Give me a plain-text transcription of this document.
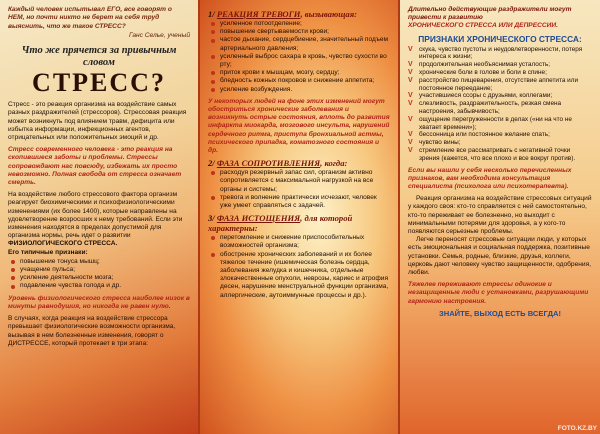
Каждый человек испытывал ЕГО, все говорят о НЕМ, но почти никто не берет на себя труд выяснить, что же такое СТРЕСС?
Ганс Селье, ученый
Что же прячется за привычным словом
СТРЕСС?
Стресс - это реакция организма на воздействие самых разных раздражителей (стрессоров). Стрессовая реакция может возникнуть под влиянием травм, дефицита или избытка информации, инфекционных агентов, отрицательных или положительных эмоций и др.
Стресс современного человека - это реакция на скопившиеся заботы и проблемы. Стрессы сопровождают нас повсюду, избежать их просто невозможно. Полная свобода от стресса означает смерть.
На воздействие любого стрессового фактора организм реагирует биохимическими и психофизиологическими изменениями (их более 1400), которые направлены на удовлетворение возросших к нему требований. Если эти изменения находятся в пределах допустимой для организма нормы, речь идет о развитии ФИЗИОЛОГИЧЕСКОГО СТРЕССА.
Его типичные признаки:
повышение тонуса мышц;
учащение пульса;
усиление деятельности мозга;
подавление чувства голода и др.
Уровень физиологического стресса наиболее низок в минуты равнодушия, но никогда не равен нулю.
В случаях, когда реакция на воздействие стрессора превышает физиологические возможности организма, вызывая в нем болезненные изменения, говорят о ДИСТРЕССЕ, который протекает в три этапа:
1/ РЕАКЦИЯ ТРЕВОГИ, вызывающая:
усиленное потоотделение;
повышение свертываемости крови;
частое дыхание, сердцебиение, значительный подъем артериального давления;
усиленный выброс сахара в кровь, чувство сухости во рту;
приток крови к мышцам, мозгу, сердцу;
бледность кожных покровов и снижение аппетита;
усиление возбуждения.
У некоторых людей на фоне этих изменений могут обостриться хронические заболевания и возникнуть острые состояния, вплоть до развития инфаркта миокарда, мозгового инсульта, нарушений сердечного ритма, приступа бронхиальной астмы, психического припадка, коматозного состояния и др.
2/ ФАЗА СОПРОТИВЛЕНИЯ, когда:
расходуя резервный запас сил, организм активно сопротивляется с максимальной нагрузкой на все органы и системы;
тревога и волнение практически исчезают, человек уже умеет справляться с задачей.
3/ ФАЗА ИСТОЩЕНИЯ, для которой характерны:
перетомление и снижение приспособительных возможностей организма;
обострение хронических заболеваний и их более тяжелое течение (ишемическая болезнь сердца, заболевания желудка и кишечника, отдельные злокачественные опухоли, неврозы, кариес и атрофия десен, нарушение менструальной функции организма, аллергические, аутоиммунные процессы и др.).
Длительно действующие раздражители могут привести к развитию
ХРОНИЧЕСКОГО СТРЕССА ИЛИ ДЕПРЕССИИ.
ПРИЗНАКИ ХРОНИЧЕСКОГО СТРЕССА:
V скука, чувство пустоты и неудовлетворенности, потеря интереса к жизни;
V продолжительная необъяснимая усталость;
V хронические боли в голове и боли в спине;
V расстройство пищеварения, отсутствие аппетита или постоянное переедание;
V участившиеся ссоры с друзьями, коллегами;
V слезливость, раздражительность, резкая смена настроения, забывчивость;
V ощущение перегруженности в делах («ни на что не хватает времени»);
V бессонница или постоянное желание спать;
V чувство вины;
V стремление все рассматривать с негативной точки зрения (кажется, что все плохо и все вокруг против).
Если вы нашли у себя несколько перечисленных признаков, вам необходима консультация специалиста (психолога или психотерапевта).
Реакция организма на воздействие стрессовых ситуаций у каждого своя: кто-то справляется с ней самостоятельно, кто-то переживает ее болезненно, но выходит с минимальными потерями для здоровья, а у кого-то появляются серьезные проблемы.
Легче переносят стрессовые ситуации люди, у которых есть эмоциональная и социальная поддержка, позитивные установки. Семья, родные, близкие, друзья, коллеги, церковь дают человеку чувство защищенности, одобрения, любви.
Тяжелее переживают стрессы одинокие и незащищенные люди с установками, разрушающими гармонию настроения.
ЗНАЙТЕ, ВЫХОД ЕСТЬ ВСЕГДА!
FOTO.KZ.BY
